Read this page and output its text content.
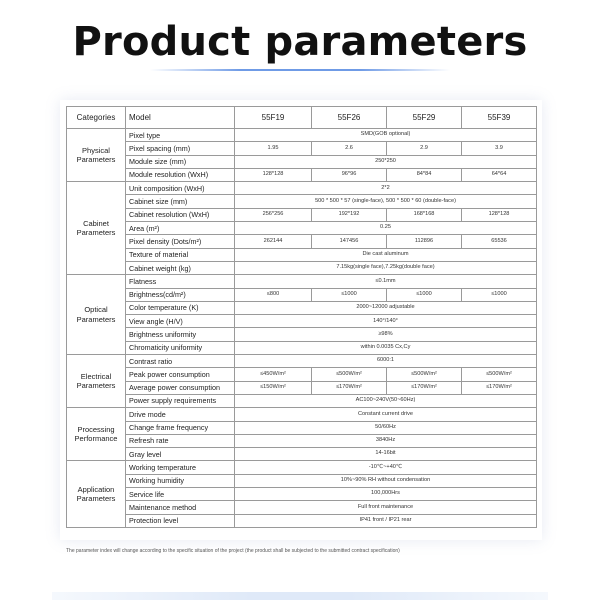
Product parameters
Categories	Model	55F19	55F26	55F29	55F39
Physical Parameters	Pixel type	SMD(GOB optional)			
	Pixel spacing (mm)	1.95	2.6	2.9	3.9
	Module size (mm)	250*250			
	Module resolution (WxH)	128*128	96*96	84*84	64*64
Cabinet Parameters	Unit composition (WxH)	2*2			
	Cabinet size (mm)	500 * 500 * 57 (single-face), 500 * 500 * 60 (double-face)			
	Cabinet resolution (WxH)	256*256	192*192	168*168	128*128
	Area (m²)	0.25			
	Pixel density (Dots/m²)	262144	147456	112896	65536
	Texture of material	Die cast aluminum			
	Cabinet weight (kg)	7.15kg(single face),7.25kg(double face)			
Optical Parameters	Flatness	≤0.1mm			
	Brightness(cd/m²)	≤800	≤1000	≤1000	≤1000
	Color temperature (K)	2000~12000 adjustable			
	View angle (H/V)	140°/140°			
	Brightness uniformity	≥98%			
	Chromaticity uniformity	within 0.0035 Cx,Cy			
Electrical Parameters	Contrast ratio	6000:1			
	Peak power consumption	≤450W/m²	≤500W/m²	≤500W/m²	≤500W/m²
	Average power consumption	≤150W/m²	≤170W/m²	≤170W/m²	≤170W/m²
	Power supply requirements	AC100~240V(50~60Hz)			
Processing Performance	Drive mode	Constant current drive			
	Change frame frequency	50/60Hz			
	Refresh rate	3840Hz			
	Gray level	14-16bit			
Application Parameters	Working temperature	-10℃~+40℃			
	Working humidity	10%~90% RH without condensation			
	Service life	100,000Hrs			
	Maintenance method	Full front maintenance			
	Protection level	IP41 front / IP21 rear			
The parameter index will change according to the specific situation of the project (the product shall be subjected to the submitted contract specification)
